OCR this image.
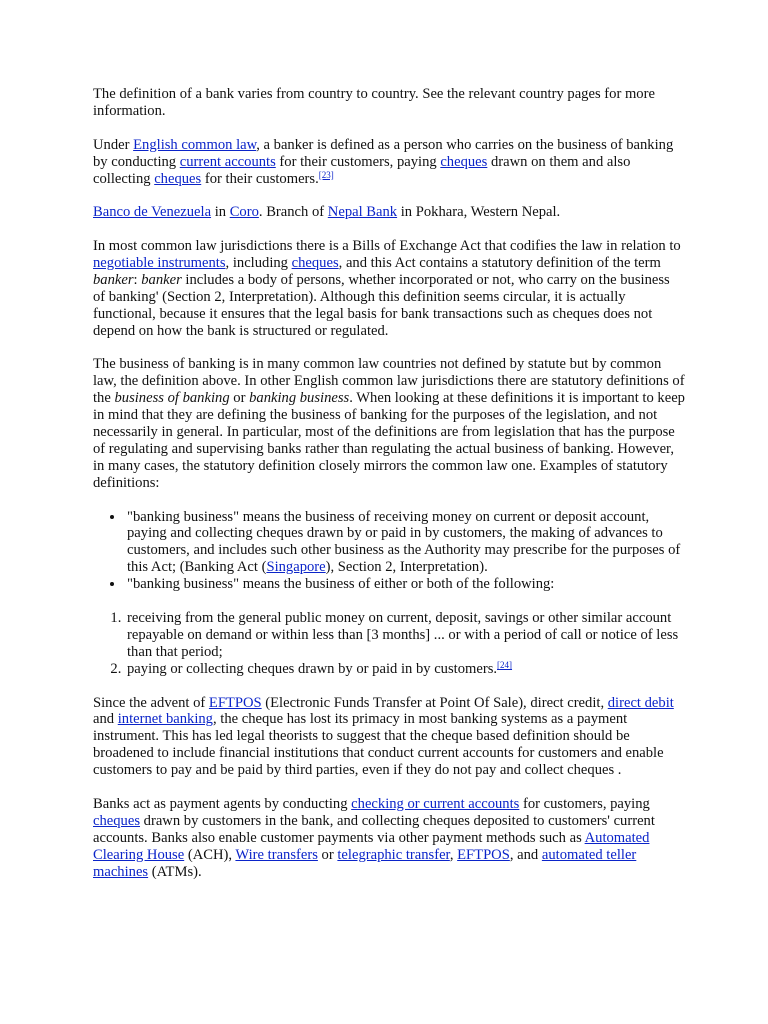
The definition of a bank varies from country to country. See the relevant country pages for more information.

Under English common law, a banker is defined as a person who carries on the business of banking by conducting current accounts for their customers, paying cheques drawn on them and also collecting cheques for their customers.[23]

Banco de Venezuela in Coro. Branch of Nepal Bank in Pokhara, Western Nepal.

In most common law jurisdictions there is a Bills of Exchange Act that codifies the law in relation to negotiable instruments, including cheques, and this Act contains a statutory definition of the term banker: banker includes a body of persons, whether incorporated or not, who carry on the business of banking' (Section 2, Interpretation). Although this definition seems circular, it is actually functional, because it ensures that the legal basis for bank transactions such as cheques does not depend on how the bank is structured or regulated.

The business of banking is in many common law countries not defined by statute but by common law, the definition above. In other English common law jurisdictions there are statutory definitions of the business of banking or banking business. When looking at these definitions it is important to keep in mind that they are defining the business of banking for the purposes of the legislation, and not necessarily in general. In particular, most of the definitions are from legislation that has the purpose of regulating and supervising banks rather than regulating the actual business of banking. However, in many cases, the statutory definition closely mirrors the common law one. Examples of statutory definitions:

• "banking business" means the business of receiving money on current or deposit account, paying and collecting cheques drawn by or paid in by customers, the making of advances to customers, and includes such other business as the Authority may prescribe for the purposes of this Act; (Banking Act (Singapore), Section 2, Interpretation).
• "banking business" means the business of either or both of the following:
1. receiving from the general public money on current, deposit, savings or other similar account repayable on demand or within less than [3 months] ... or with a period of call or notice of less than that period;
2. paying or collecting cheques drawn by or paid in by customers.[24]

Since the advent of EFTPOS (Electronic Funds Transfer at Point Of Sale), direct credit, direct debit and internet banking, the cheque has lost its primacy in most banking systems as a payment instrument. This has led legal theorists to suggest that the cheque based definition should be broadened to include financial institutions that conduct current accounts for customers and enable customers to pay and be paid by third parties, even if they do not pay and collect cheques .

Banks act as payment agents by conducting checking or current accounts for customers, paying cheques drawn by customers in the bank, and collecting cheques deposited to customers' current accounts. Banks also enable customer payments via other payment methods such as Automated Clearing House (ACH), Wire transfers or telegraphic transfer, EFTPOS, and automated teller machines (ATMs).
